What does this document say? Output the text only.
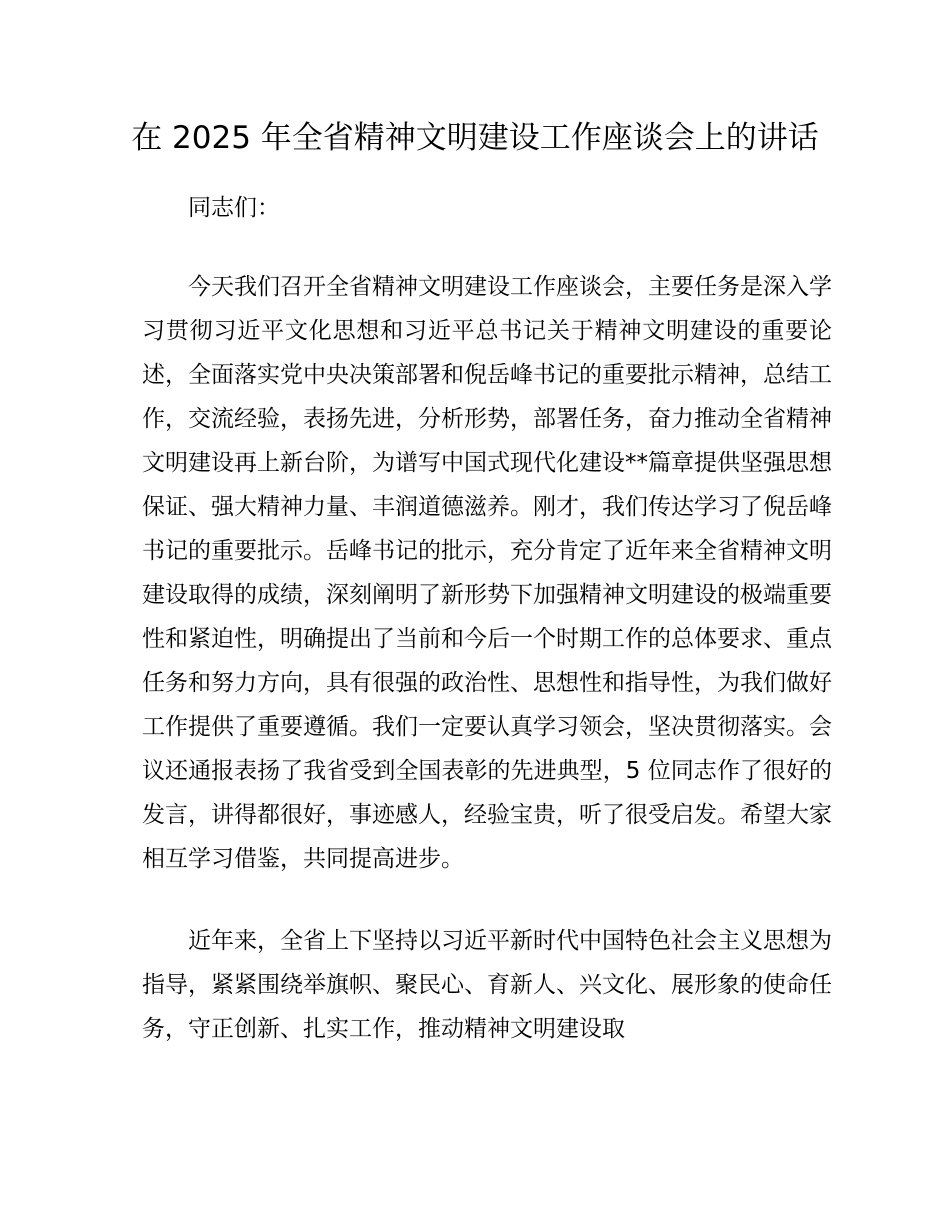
在 2025 年全省精神文明建设工作座谈会上的讲话

同志们：

今天我们召开全省精神文明建设工作座谈会，主要任务是深入学习贯彻习近平文化思想和习近平总书记关于精神文明建设的重要论述，全面落实党中央决策部署和倪岳峰书记的重要批示精神，总结工作，交流经验，表扬先进，分析形势，部署任务，奋力推动全省精神文明建设再上新台阶，为谱写中国式现代化建设**篇章提供坚强思想保证、强大精神力量、丰润道德滋养。刚才，我们传达学习了倪岳峰书记的重要批示。岳峰书记的批示，充分肯定了近年来全省精神文明建设取得的成绩，深刻阐明了新形势下加强精神文明建设的极端重要性和紧迫性，明确提出了当前和今后一个时期工作的总体要求、重点任务和努力方向，具有很强的政治性、思想性和指导性，为我们做好工作提供了重要遵循。我们一定要认真学习领会，坚决贯彻落实。会议还通报表扬了我省受到全国表彰的先进典型，5 位同志作了很好的发言，讲得都很好，事迹感人，经验宝贵，听了很受启发。希望大家相互学习借鉴，共同提高进步。

近年来，全省上下坚持以习近平新时代中国特色社会主义思想为指导，紧紧围绕举旗帜、聚民心、育新人、兴文化、展形象的使命任务，守正创新、扎实工作，推动精神文明建设取
